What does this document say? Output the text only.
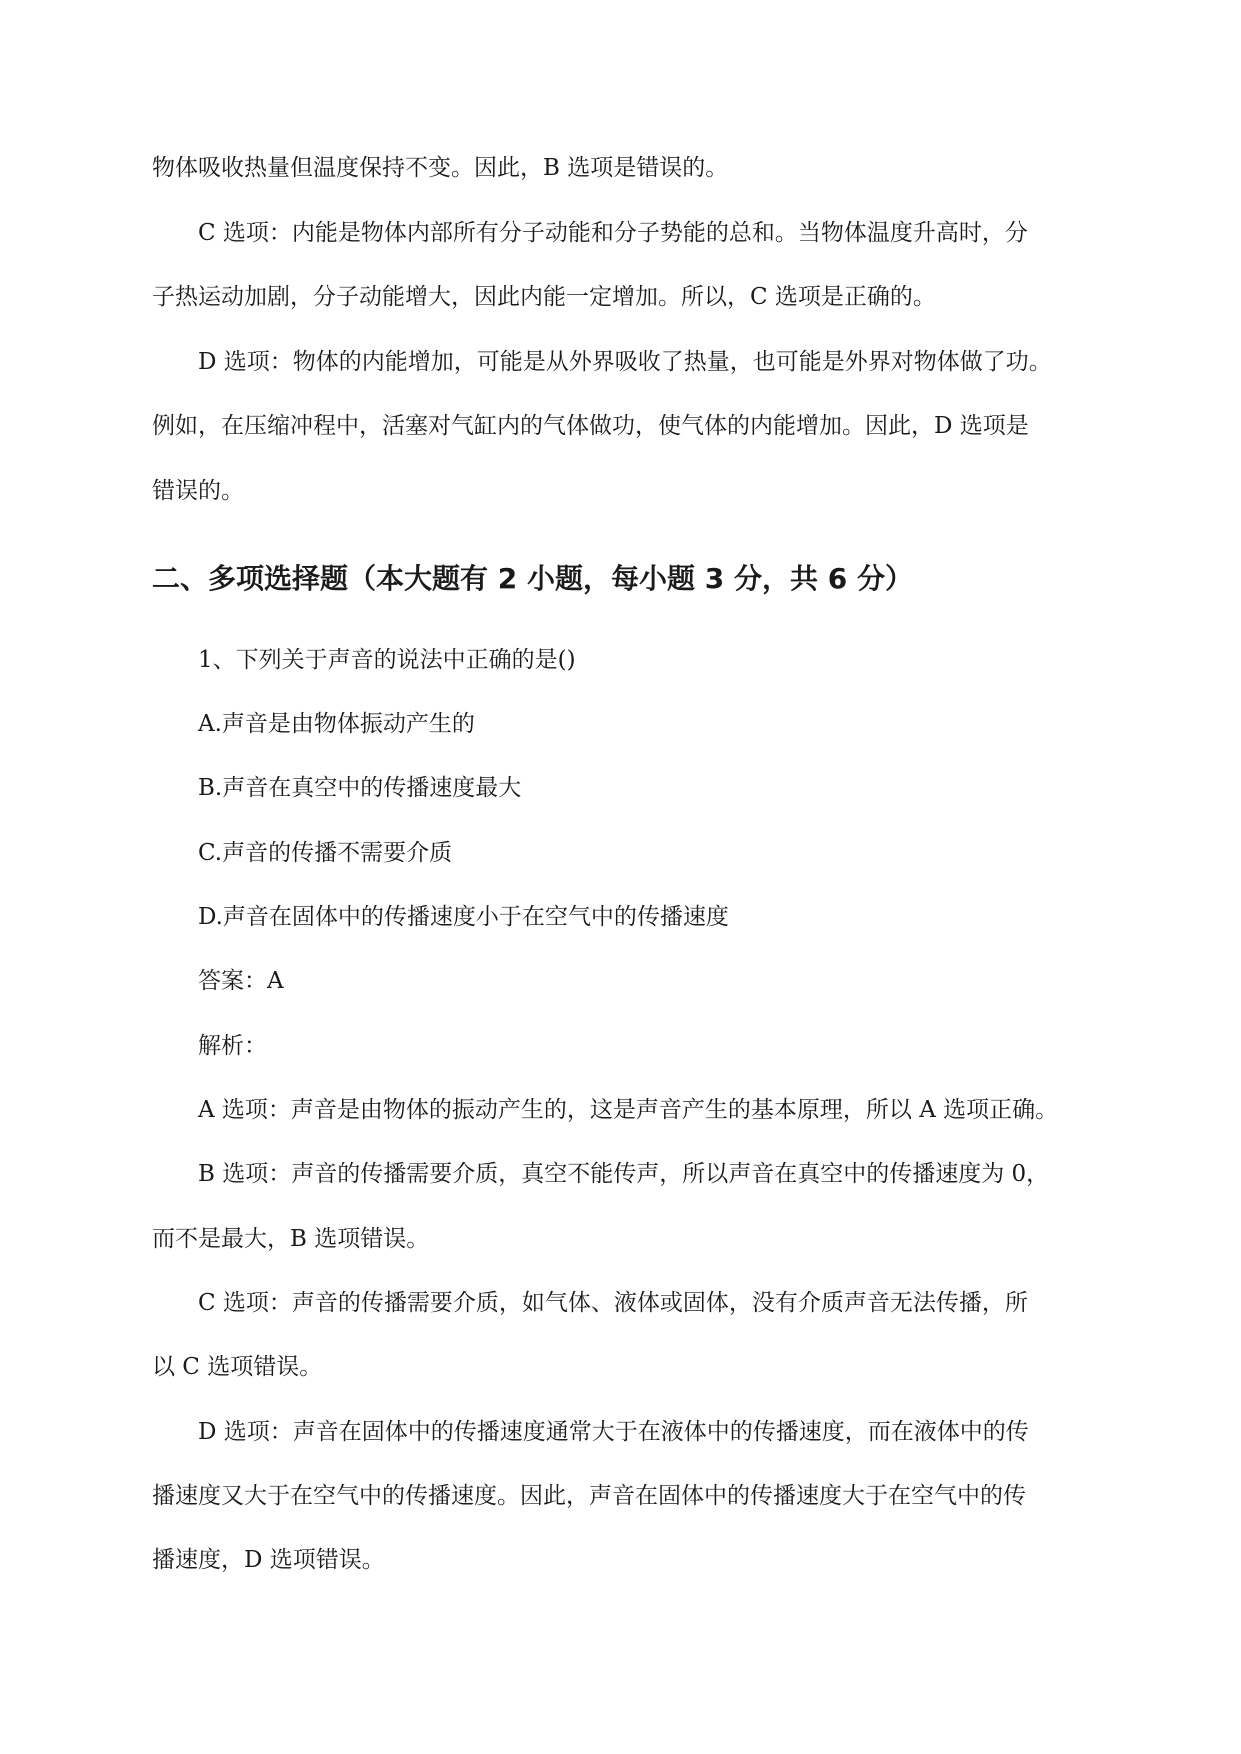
物体吸收热量但温度保持不变。因此，B 选项是错误的。
C 选项：内能是物体内部所有分子动能和分子势能的总和。当物体温度升高时，分
子热运动加剧，分子动能增大，因此内能一定增加。所以，C 选项是正确的。
D 选项：物体的内能增加，可能是从外界吸收了热量，也可能是外界对物体做了功。
例如，在压缩冲程中，活塞对气缸内的气体做功，使气体的内能增加。因此，D 选项是
错误的。
二、多项选择题（本大题有 2 小题，每小题 3 分，共 6 分）
1、下列关于声音的说法中正确的是()
A.声音是由物体振动产生的
B.声音在真空中的传播速度最大
C.声音的传播不需要介质
D.声音在固体中的传播速度小于在空气中的传播速度
答案：A
解析：
A 选项：声音是由物体的振动产生的，这是声音产生的基本原理，所以 A 选项正确。
B 选项：声音的传播需要介质，真空不能传声，所以声音在真空中的传播速度为 0，
而不是最大，B 选项错误。
C 选项：声音的传播需要介质，如气体、液体或固体，没有介质声音无法传播，所
以 C 选项错误。
D 选项：声音在固体中的传播速度通常大于在液体中的传播速度，而在液体中的传
播速度又大于在空气中的传播速度。因此，声音在固体中的传播速度大于在空气中的传
播速度，D 选项错误。
